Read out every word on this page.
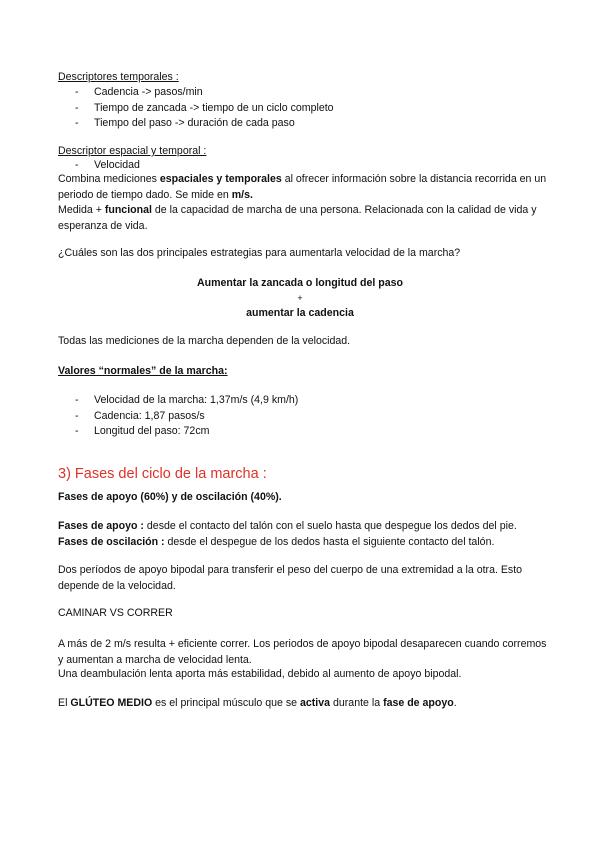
Descriptores temporales :
- Cadencia -> pasos/min
- Tiempo de zancada -> tiempo de un ciclo completo
- Tiempo del paso -> duración de cada paso
Descriptor espacial y temporal :
- Velocidad
Combina mediciones espaciales y temporales al ofrecer información sobre la distancia recorrida en un periodo de tiempo dado. Se mide en m/s.
Medida + funcional de la capacidad de marcha de una persona. Relacionada con la calidad de vida y esperanza de vida.
¿Cuáles son las dos principales estrategias para aumentarla velocidad de la marcha?
Aumentar la zancada o longitud del paso
+
aumentar la cadencia
Todas las mediciones de la marcha dependen de la velocidad.
Valores “normales” de la marcha:
- Velocidad de la marcha: 1,37m/s (4,9 km/h)
- Cadencia: 1,87 pasos/s
- Longitud del paso: 72cm
3) Fases del ciclo de la marcha :
Fases de apoyo (60%) y de oscilación (40%).
Fases de apoyo : desde el contacto del talón con el suelo hasta que despegue los dedos del pie.
Fases de oscilación : desde el despegue de los dedos hasta el siguiente contacto del talón.
Dos períodos de apoyo bipodal para transferir el peso del cuerpo de una extremidad a la otra. Esto depende de la velocidad.
CAMINAR VS CORRER
A más de 2 m/s resulta + eficiente correr. Los periodos de apoyo bipodal desaparecen cuando corremos y aumentan a marcha de velocidad lenta.
Una deambulación lenta aporta más estabilidad, debido al aumento de apoyo bipodal.
El GLÚTEO MEDIO es el principal músculo que se activa durante la fase de apoyo.
